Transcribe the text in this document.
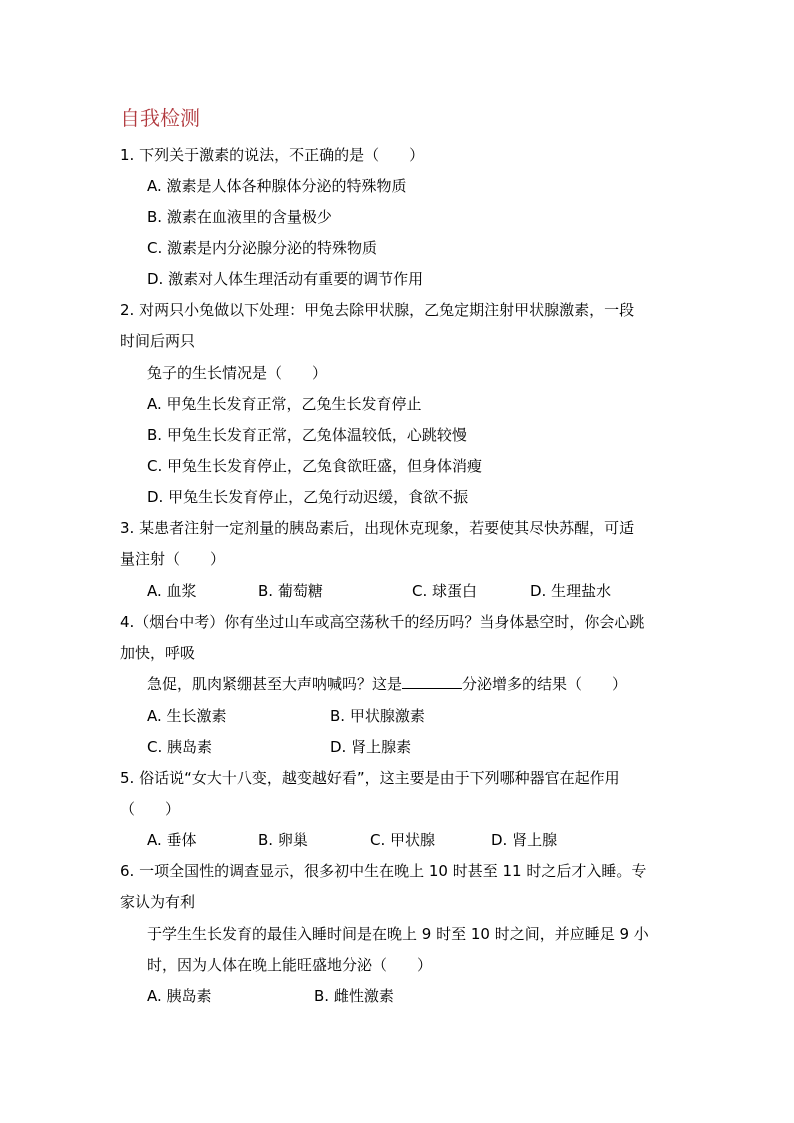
自我检测
1. 下列关于激素的说法，不正确的是（　　）
A. 激素是人体各种腺体分泌的特殊物质
B. 激素在血液里的含量极少
C. 激素是内分泌腺分泌的特殊物质
D. 激素对人体生理活动有重要的调节作用
2. 对两只小兔做以下处理：甲兔去除甲状腺，乙兔定期注射甲状腺激素，一段
时间后两只
兔子的生长情况是（　　）
A. 甲兔生长发育正常，乙兔生长发育停止
B. 甲兔生长发育正常，乙兔体温较低，心跳较慢
C. 甲兔生长发育停止，乙兔食欲旺盛，但身体消瘦
D. 甲兔生长发育停止，乙兔行动迟缓，食欲不振
3. 某患者注射一定剂量的胰岛素后，出现休克现象，若要使其尽快苏醒，可适
量注射（　　）
A. 血浆	B. 葡萄糖	C. 球蛋白	D. 生理盐水
4.（烟台中考）你有坐过山车或高空荡秋千的经历吗？当身体悬空时，你会心跳
加快，呼吸
急促，肌肉紧绷甚至大声呐喊吗？这是	分泌增多的结果（　　）
A. 生长激素	B. 甲状腺激素
C. 胰岛素	D. 肾上腺素
5. 俗话说“女大十八变，越变越好看”，这主要是由于下列哪种器官在起作用
（　　）
A. 垂体	B. 卵巢	C. 甲状腺	D. 肾上腺
6. 一项全国性的调查显示，很多初中生在晚上 10 时甚至 11 时之后才入睡。专
家认为有利
于学生生长发育的最佳入睡时间是在晚上 9 时至 10 时之间，并应睡足 9 小
时，因为人体在晚上能旺盛地分泌（　　）
A. 胰岛素	B. 雌性激素
